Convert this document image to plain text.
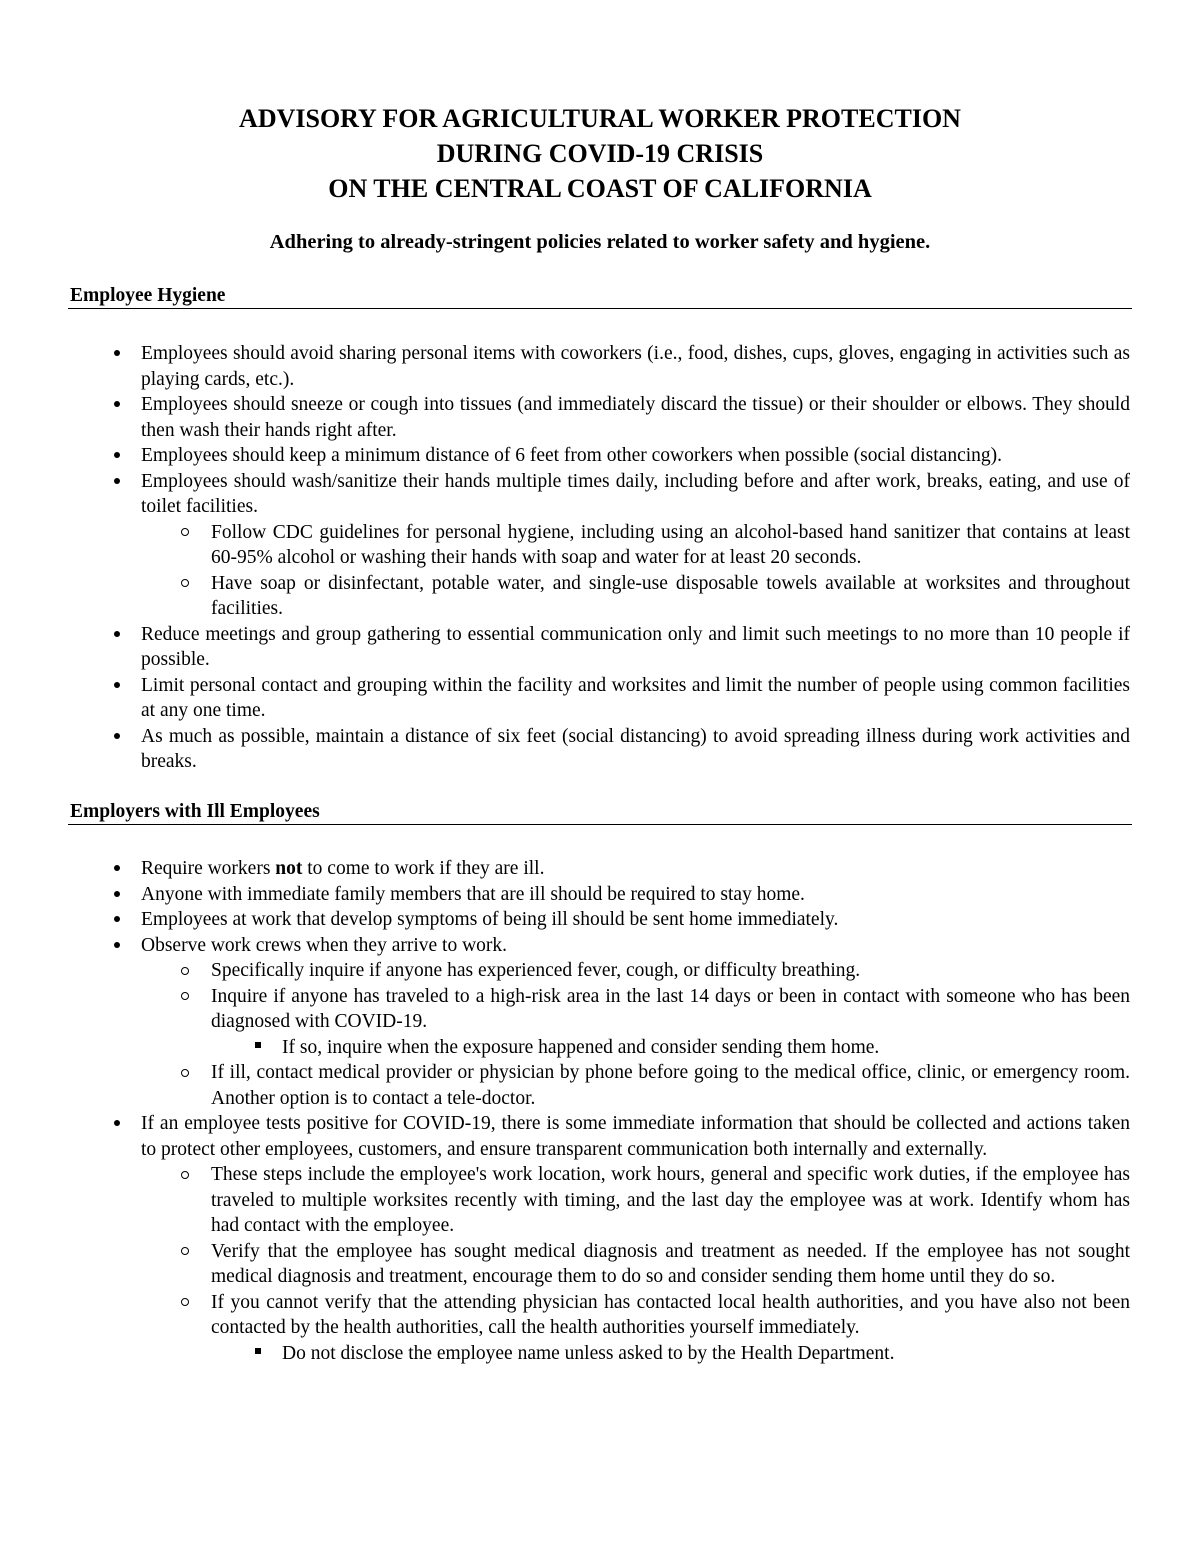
ADVISORY FOR AGRICULTURAL WORKER PROTECTION
DURING COVID-19 CRISIS
ON THE CENTRAL COAST OF CALIFORNIA
Adhering to already-stringent policies related to worker safety and hygiene.
Employee Hygiene
Employees should avoid sharing personal items with coworkers (i.e., food, dishes, cups, gloves, engaging in activities such as playing cards, etc.).
Employees should sneeze or cough into tissues (and immediately discard the tissue) or their shoulder or elbows. They should then wash their hands right after.
Employees should keep a minimum distance of 6 feet from other coworkers when possible (social distancing).
Employees should wash/sanitize their hands multiple times daily, including before and after work, breaks, eating, and use of toilet facilities.
Follow CDC guidelines for personal hygiene, including using an alcohol-based hand sanitizer that contains at least 60-95% alcohol or washing their hands with soap and water for at least 20 seconds.
Have soap or disinfectant, potable water, and single-use disposable towels available at worksites and throughout facilities.
Reduce meetings and group gathering to essential communication only and limit such meetings to no more than 10 people if possible.
Limit personal contact and grouping within the facility and worksites and limit the number of people using common facilities at any one time.
As much as possible, maintain a distance of six feet (social distancing) to avoid spreading illness during work activities and breaks.
Employers with Ill Employees
Require workers not to come to work if they are ill.
Anyone with immediate family members that are ill should be required to stay home.
Employees at work that develop symptoms of being ill should be sent home immediately.
Observe work crews when they arrive to work.
Specifically inquire if anyone has experienced fever, cough, or difficulty breathing.
Inquire if anyone has traveled to a high-risk area in the last 14 days or been in contact with someone who has been diagnosed with COVID-19.
If so, inquire when the exposure happened and consider sending them home.
If ill, contact medical provider or physician by phone before going to the medical office, clinic, or emergency room. Another option is to contact a tele-doctor.
If an employee tests positive for COVID-19, there is some immediate information that should be collected and actions taken to protect other employees, customers, and ensure transparent communication both internally and externally.
These steps include the employee's work location, work hours, general and specific work duties, if the employee has traveled to multiple worksites recently with timing, and the last day the employee was at work. Identify whom has had contact with the employee.
Verify that the employee has sought medical diagnosis and treatment as needed. If the employee has not sought medical diagnosis and treatment, encourage them to do so and consider sending them home until they do so.
If you cannot verify that the attending physician has contacted local health authorities, and you have also not been contacted by the health authorities, call the health authorities yourself immediately.
Do not disclose the employee name unless asked to by the Health Department.
